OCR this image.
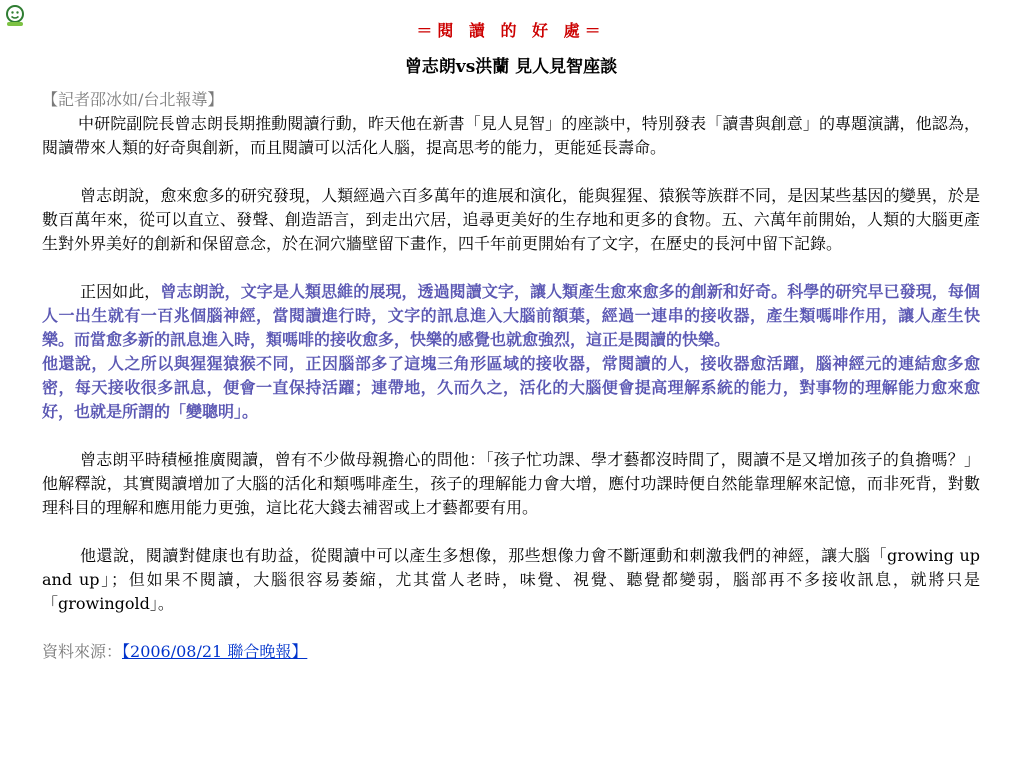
＝閱 讀 的 好 處＝
曾志朗vs洪蘭 見人見智座談
【記者邵冰如/台北報導】

中研院副院長曾志朗長期推動閱讀行動，昨天他在新書「見人見智」的座談中，特別發表「讀書與創意」的專題演講，他認為，閱讀帶來人類的好奇與創新，而且閱讀可以活化人腦，提高思考的能力，更能延長壽命。

曾志朗說，愈來愈多的研究發現，人類經過六百多萬年的進展和演化，能與猩猩、猿猴等族群不同，是因某些基因的變異，於是數百萬年來，從可以直立、發聲、創造語言，到走出穴居，追尋更美好的生存地和更多的食物。五、六萬年前開始，人類的大腦更產生對外界美好的創新和保留意念，於在洞穴牆壁留下畫作，四千年前更開始有了文字，在歷史的長河中留下記錄。

正因如此，曾志朗說，文字是人類思維的展現，透過閱讀文字，讓人類產生愈來愈多的創新和好奇。科學的研究早已發現，每個人一出生就有一百兆個腦神經，當閱讀進行時，文字的訊息進入大腦前額葉，經過一連串的接收器，產生類嗎啡作用，讓人產生快樂。而當愈多新的訊息進入時，類嗎啡的接收愈多，快樂的感覺也就愈強烈，這正是閱讀的快樂。

他還說，人之所以與猩猩猿猴不同，正因腦部多了這塊三角形區域的接收器，常閱讀的人，接收器愈活躍，腦神經元的連結愈多愈密，每天接收很多訊息，便會一直保持活躍；連帶地，久而久之，活化的大腦便會提高理解系統的能力，對事物的理解能力愈來愈好，也就是所謂的「變聰明」。

曾志朗平時積極推廣閱讀，曾有不少做母親擔心的問他：「孩子忙功課、學才藝都沒時間了，閱讀不是又增加孩子的負擔嗎？」他解釋說，其實閱讀增加了大腦的活化和類嗎啡產生，孩子的理解能力會大增，應付功課時便自然能靠理解來記憶，而非死背，對數理科目的理解和應用能力更強，這比花大錢去補習或上才藝都要有用。

他還說，閱讀對健康也有助益，從閱讀中可以產生多想像，那些想像力會不斷運動和刺激我們的神經，讓大腦「growing up and up」；但如果不閱讀，大腦很容易萎縮，尤其當人老時，味覺、視覺、聽覺都變弱，腦部再不多接收訊息，就將只是「growingold」。

資料來源：【2006/08/21 聯合晚報】
